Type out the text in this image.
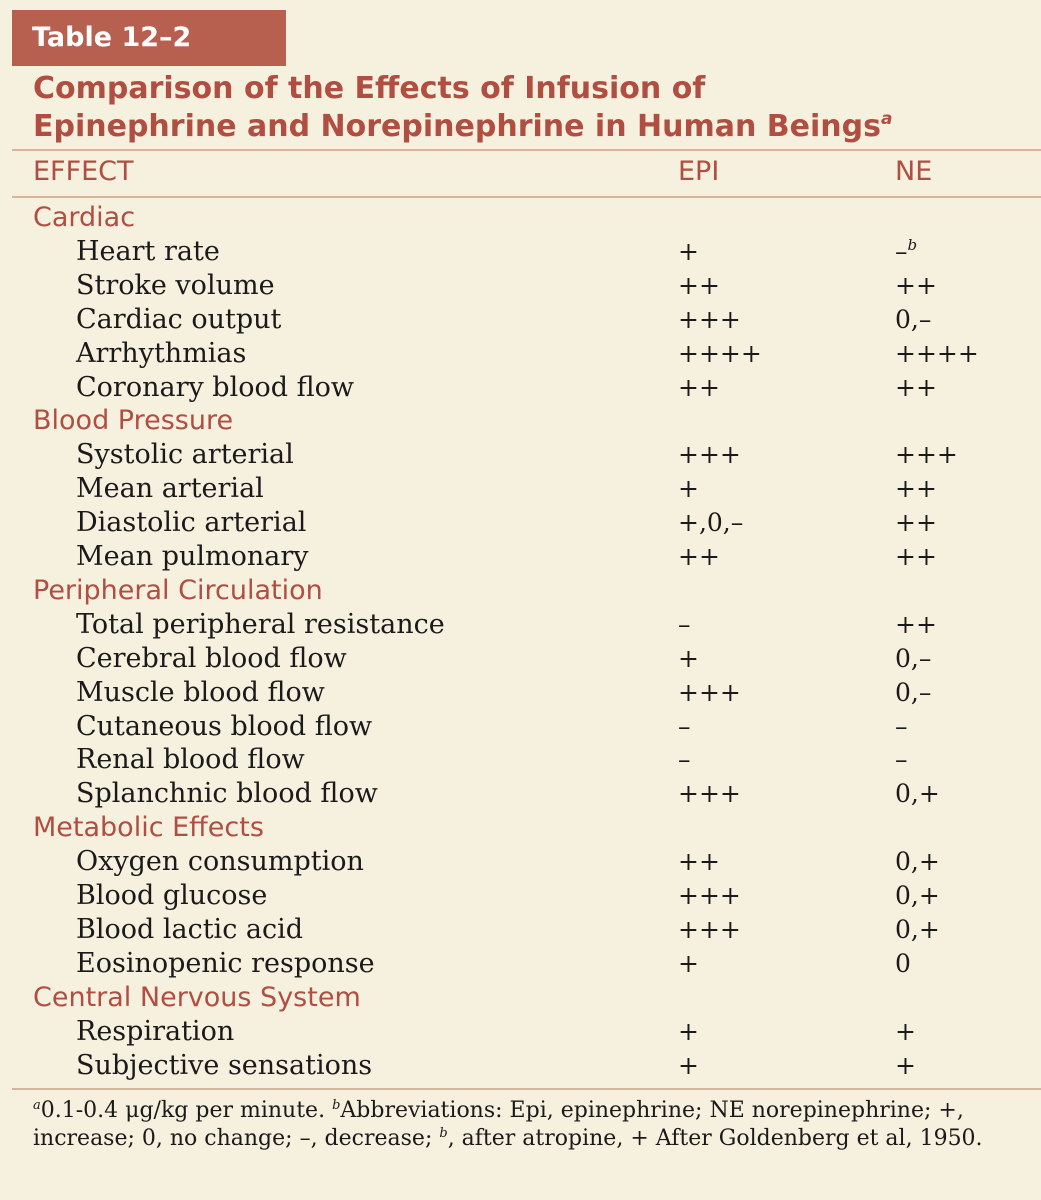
Table 12–2
Comparison of the Effects of Infusion of
Epinephrine and Norepinephrine in Human Beings$^a$
EFFECT	EPI	NE
Cardiac
Heart rate	+	–$^b$
Stroke volume	++	++
Cardiac output	+++	0,–
Arrhythmias	++++	++++
Coronary blood flow	++	++
Blood Pressure
Systolic arterial	+++	+++
Mean arterial	+	++
Diastolic arterial	+,0,–	++
Mean pulmonary	++	++
Peripheral Circulation
Total peripheral resistance	–	++
Cerebral blood flow	+	0,–
Muscle blood flow	+++	0,–
Cutaneous blood flow	–	–
Renal blood flow	–	–
Splanchnic blood flow	+++	0,+
Metabolic Effects
Oxygen consumption	++	0,+
Blood glucose	+++	0,+
Blood lactic acid	+++	0,+
Eosinopenic response	+	0
Central Nervous System
Respiration	+	+
Subjective sensations	+	+
$^a$0.1-0.4 μg/kg per minute. $^b$Abbreviations: Epi, epinephrine; NE norepinephrine; +, increase; 0, no change; –, decrease; $^b$, after atropine, + After Goldenberg et al, 1950.
